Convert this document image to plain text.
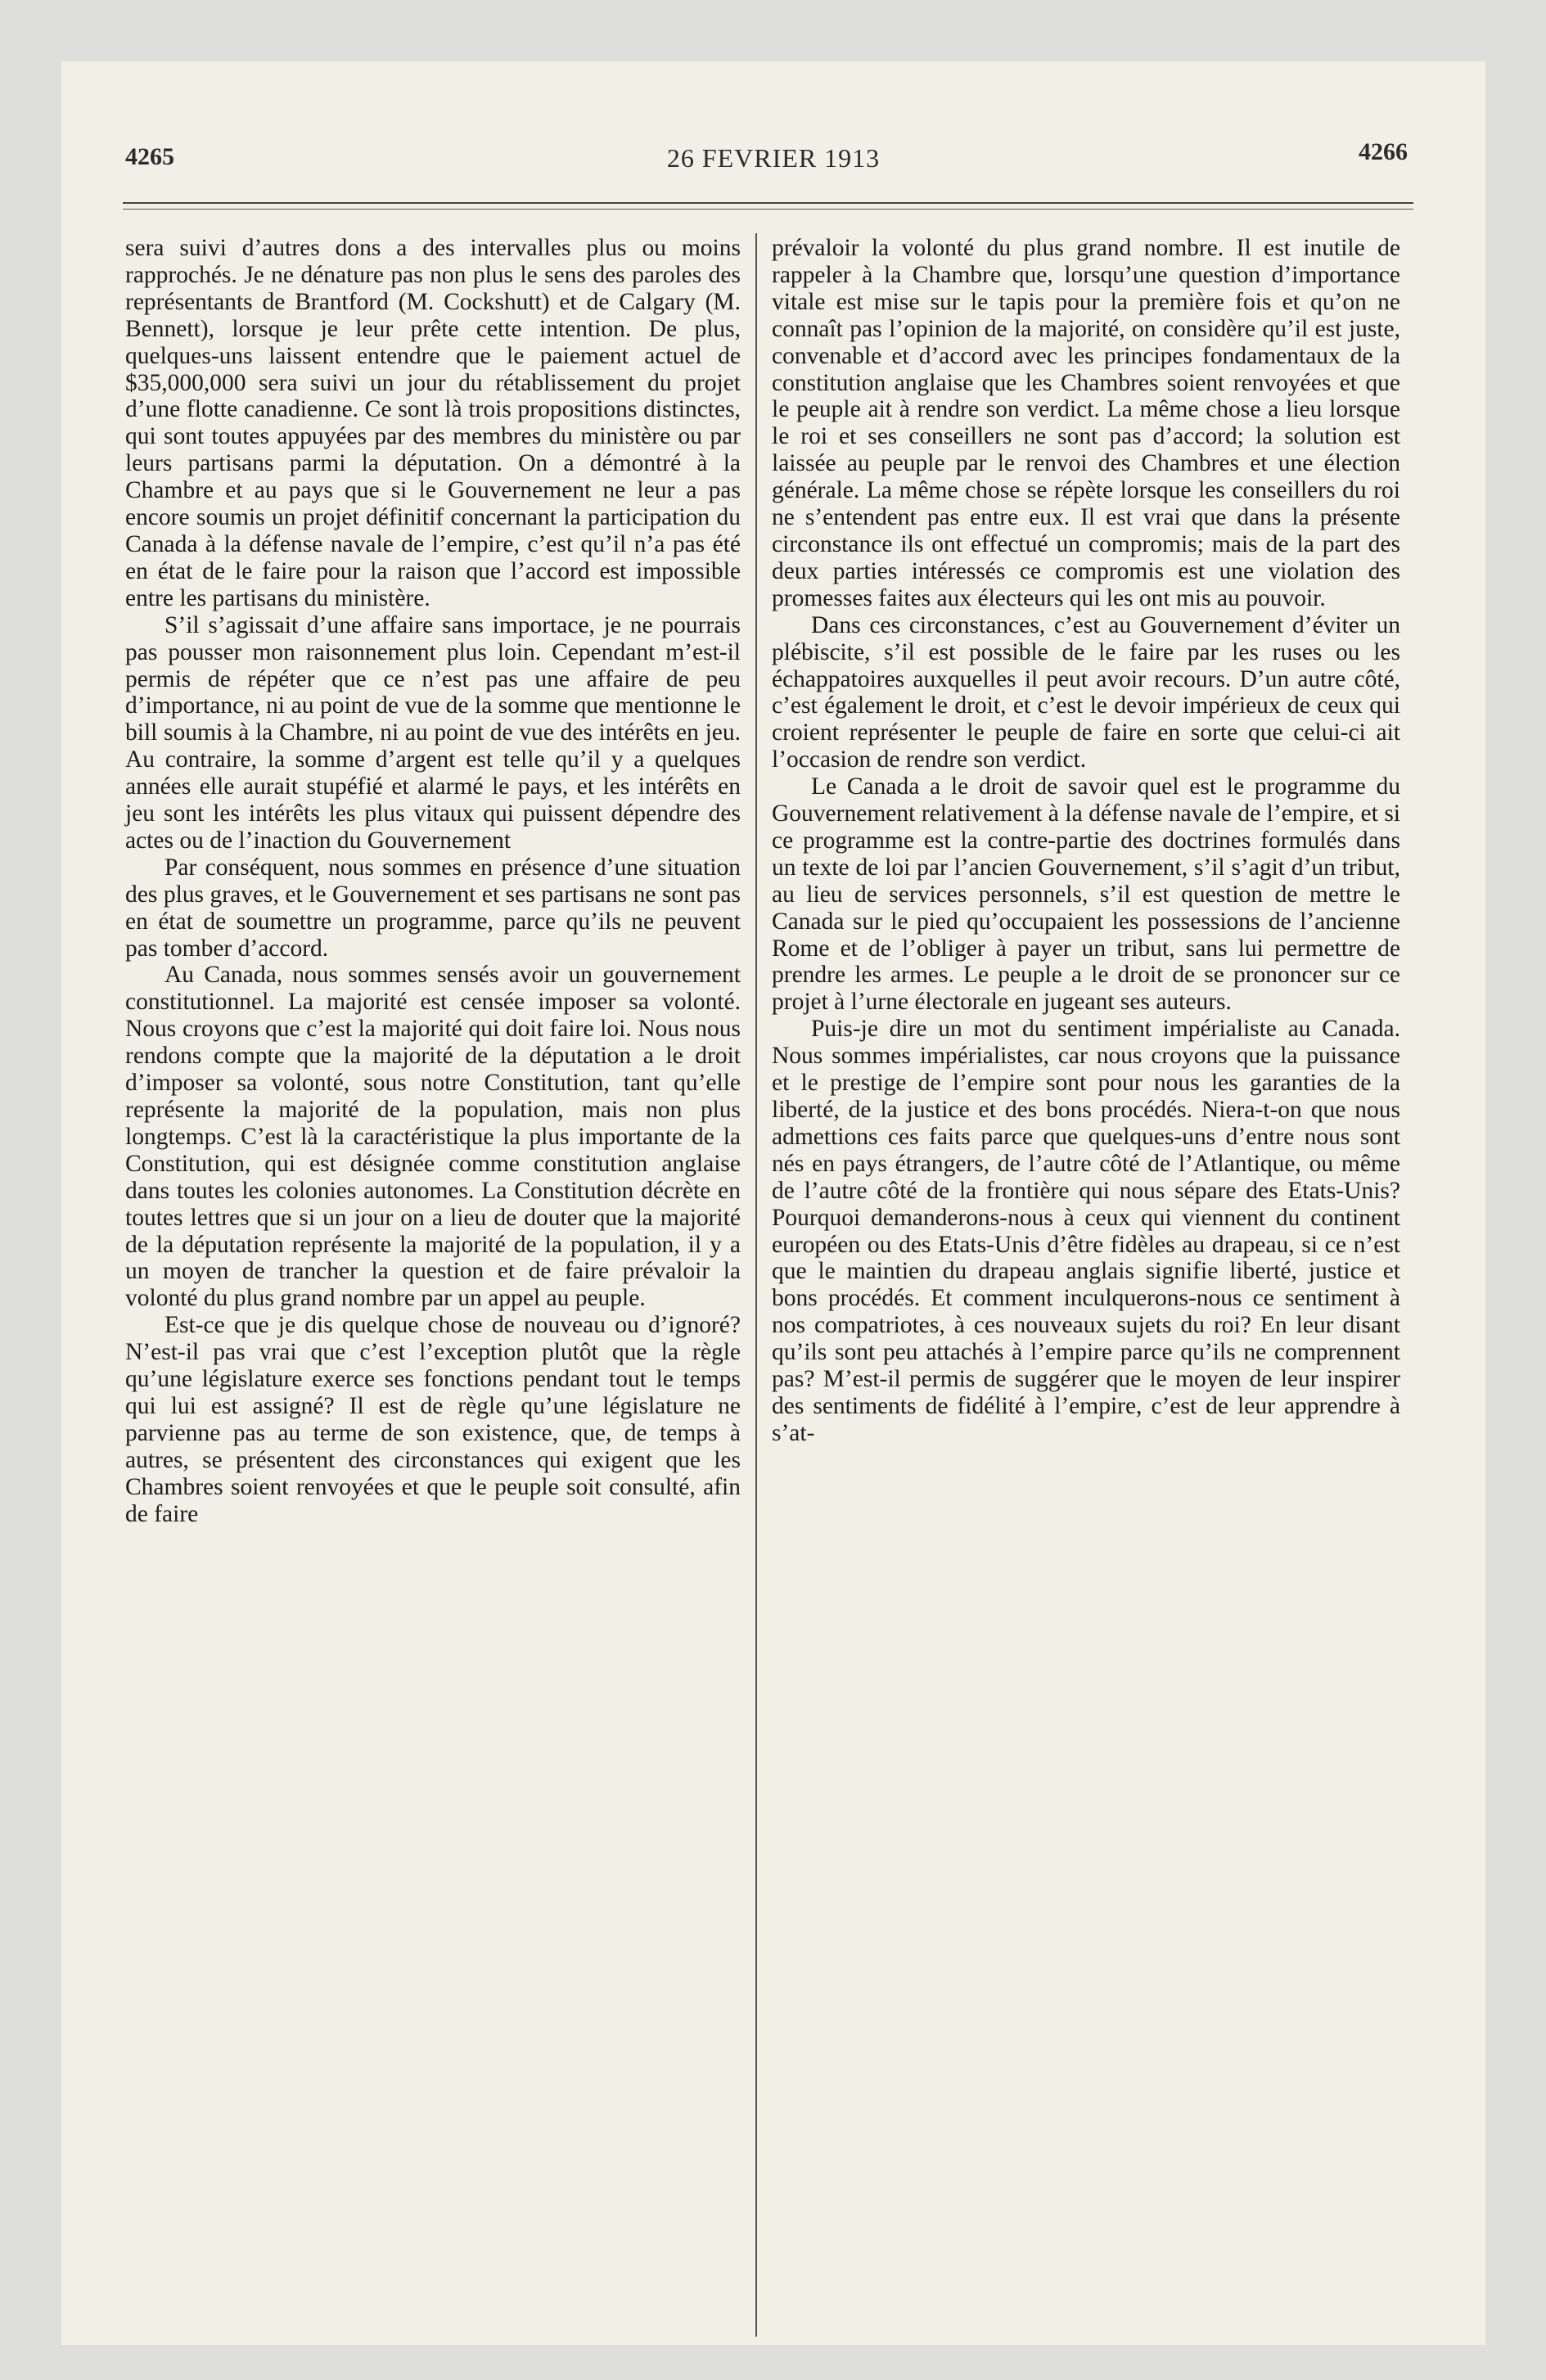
4265	26 FEVRIER 1913	4266

sera suivi d’autres dons a des intervalles plus ou moins rapprochés. Je ne dénature pas non plus le sens des paroles des représentants de Brantford (M. Cockshutt) et de Calgary (M. Bennett), lorsque je leur prête cette intention. De plus, quelques-uns laissent entendre que le paiement actuel de $35,000,000 sera suivi un jour du rétablissement du projet d’une flotte canadienne. Ce sont là trois propositions distinctes, qui sont toutes appuyées par des membres du ministère ou par leurs partisans parmi la députation. On a démontré à la Chambre et au pays que si le Gouvernement ne leur a pas encore soumis un projet définitif concernant la participation du Canada à la défense navale de l’empire, c’est qu’il n’a pas été en état de le faire pour la raison que l’accord est impossible entre les partisans du ministère.

S’il s’agissait d’une affaire sans importace, je ne pourrais pas pousser mon raisonnement plus loin. Cependant m’est-il permis de répéter que ce n’est pas une affaire de peu d’importance, ni au point de vue de la somme que mentionne le bill soumis à la Chambre, ni au point de vue des intérêts en jeu. Au contraire, la somme d’argent est telle qu’il y a quelques années elle aurait stupéfié et alarmé le pays, et les intérêts en jeu sont les intérêts les plus vitaux qui puissent dépendre des actes ou de l’inaction du Gouvernement

Par conséquent, nous sommes en présence d’une situation des plus graves, et le Gouvernement et ses partisans ne sont pas en état de soumettre un programme, parce qu’ils ne peuvent pas tomber d’accord.

Au Canada, nous sommes sensés avoir un gouvernement constitutionnel. La majorité est censée imposer sa volonté. Nous croyons que c’est la majorité qui doit faire loi. Nous nous rendons compte que la majorité de la députation a le droit d’imposer sa volonté, sous notre Constitution, tant qu’elle représente la majorité de la population, mais non plus longtemps. C’est là la caractéristique la plus importante de la Constitution, qui est désignée comme constitution anglaise dans toutes les colonies autonomes. La Constitution décrète en toutes lettres que si un jour on a lieu de douter que la majorité de la députation représente la majorité de la population, il y a un moyen de trancher la question et de faire prévaloir la volonté du plus grand nombre par un appel au peuple.

Est-ce que je dis quelque chose de nouveau ou d’ignoré? N’est-il pas vrai que c’est l’exception plutôt que la règle qu’une législature exerce ses fonctions pendant tout le temps qui lui est assigné? Il est de règle qu’une législature ne parvienne pas au terme de son existence, que, de temps à autres, se présentent des circonstances qui exigent que les Chambres soient renvoyées et que le peuple soit consulté, afin de faire

prévaloir la volonté du plus grand nombre. Il est inutile de rappeler à la Chambre que, lorsqu’une question d’importance vitale est mise sur le tapis pour la première fois et qu’on ne connaît pas l’opinion de la majorité, on considère qu’il est juste, convenable et d’accord avec les principes fondamentaux de la constitution anglaise que les Chambres soient renvoyées et que le peuple ait à rendre son verdict. La même chose a lieu lorsque le roi et ses conseillers ne sont pas d’accord; la solution est laissée au peuple par le renvoi des Chambres et une élection générale. La même chose se répète lorsque les conseillers du roi ne s’entendent pas entre eux. Il est vrai que dans la présente circonstance ils ont effectué un compromis; mais de la part des deux parties intéressés ce compromis est une violation des promesses faites aux électeurs qui les ont mis au pouvoir.

Dans ces circonstances, c’est au Gouvernement d’éviter un plébiscite, s’il est possible de le faire par les ruses ou les échappatoires auxquelles il peut avoir recours. D’un autre côté, c’est également le droit, et c’est le devoir impérieux de ceux qui croient représenter le peuple de faire en sorte que celui-ci ait l’occasion de rendre son verdict.

Le Canada a le droit de savoir quel est le programme du Gouvernement relativement à la défense navale de l’empire, et si ce programme est la contre-partie des doctrines formulés dans un texte de loi par l’ancien Gouvernement, s’il s’agit d’un tribut, au lieu de services personnels, s’il est question de mettre le Canada sur le pied qu’occupaient les possessions de l’ancienne Rome et de l’obliger à payer un tribut, sans lui permettre de prendre les armes. Le peuple a le droit de se prononcer sur ce projet à l’urne électorale en jugeant ses auteurs.

Puis-je dire un mot du sentiment impérialiste au Canada. Nous sommes impérialistes, car nous croyons que la puissance et le prestige de l’empire sont pour nous les garanties de la liberté, de la justice et des bons procédés. Niera-t-on que nous admettions ces faits parce que quelques-uns d’entre nous sont nés en pays étrangers, de l’autre côté de l’Atlantique, ou même de l’autre côté de la frontière qui nous sépare des Etats-Unis? Pourquoi demanderons-nous à ceux qui viennent du continent européen ou des Etats-Unis d’être fidèles au drapeau, si ce n’est que le maintien du drapeau anglais signifie liberté, justice et bons procédés. Et comment inculquerons-nous ce sentiment à nos compatriotes, à ces nouveaux sujets du roi? En leur disant qu’ils sont peu attachés à l’empire parce qu’ils ne comprennent pas? M’est-il permis de suggérer que le moyen de leur inspirer des sentiments de fidélité à l’empire, c’est de leur apprendre à s’at-
